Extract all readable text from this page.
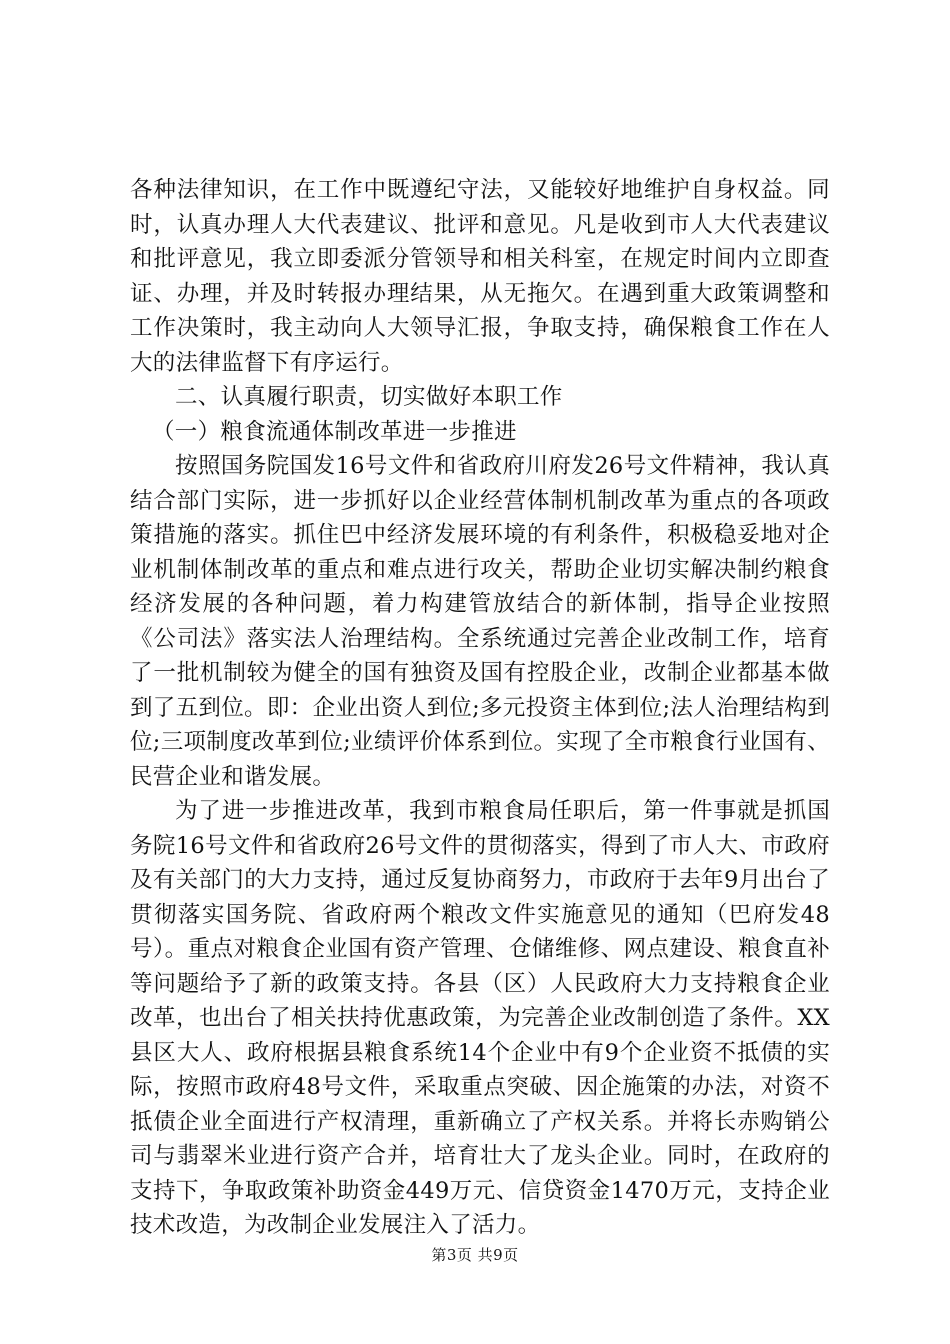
各种法律知识，在工作中既遵纪守法，又能较好地维护自身权益。同时，认真办理人大代表建议、批评和意见。凡是收到市人大代表建议和批评意见，我立即委派分管领导和相关科室，在规定时间内立即查证、办理，并及时转报办理结果，从无拖欠。在遇到重大政策调整和工作决策时，我主动向人大领导汇报，争取支持，确保粮食工作在人大的法律监督下有序运行。

二、认真履行职责，切实做好本职工作

（一）粮食流通体制改革进一步推进

按照国务院国发16号文件和省政府川府发26号文件精神，我认真结合部门实际，进一步抓好以企业经营体制机制改革为重点的各项政策措施的落实。抓住巴中经济发展环境的有利条件，积极稳妥地对企业机制体制改革的重点和难点进行攻关，帮助企业切实解决制约粮食经济发展的各种问题，着力构建管放结合的新体制，指导企业按照《公司法》落实法人治理结构。全系统通过完善企业改制工作，培育了一批机制较为健全的国有独资及国有控股企业，改制企业都基本做到了五到位。即：企业出资人到位;多元投资主体到位;法人治理结构到位;三项制度改革到位;业绩评价体系到位。实现了全市粮食行业国有、民营企业和谐发展。

为了进一步推进改革，我到市粮食局任职后，第一件事就是抓国务院16号文件和省政府26号文件的贯彻落实，得到了市人大、市政府及有关部门的大力支持，通过反复协商努力，市政府于去年9月出台了贯彻落实国务院、省政府两个粮改文件实施意见的通知（巴府发48号）。重点对粮食企业国有资产管理、仓储维修、网点建设、粮食直补等问题给予了新的政策支持。各县（区）人民政府大力支持粮食企业改革，也出台了相关扶持优惠政策，为完善企业改制创造了条件。XX县区大人、政府根据县粮食系统14个企业中有9个企业资不抵债的实际，按照市政府48号文件，采取重点突破、因企施策的办法，对资不抵债企业全面进行产权清理，重新确立了产权关系。并将长赤购销公司与翡翠米业进行资产合并，培育壮大了龙头企业。同时，在政府的支持下，争取政策补助资金449万元、信贷资金1470万元，支持企业技术改造，为改制企业发展注入了活力。

第3页 共9页
